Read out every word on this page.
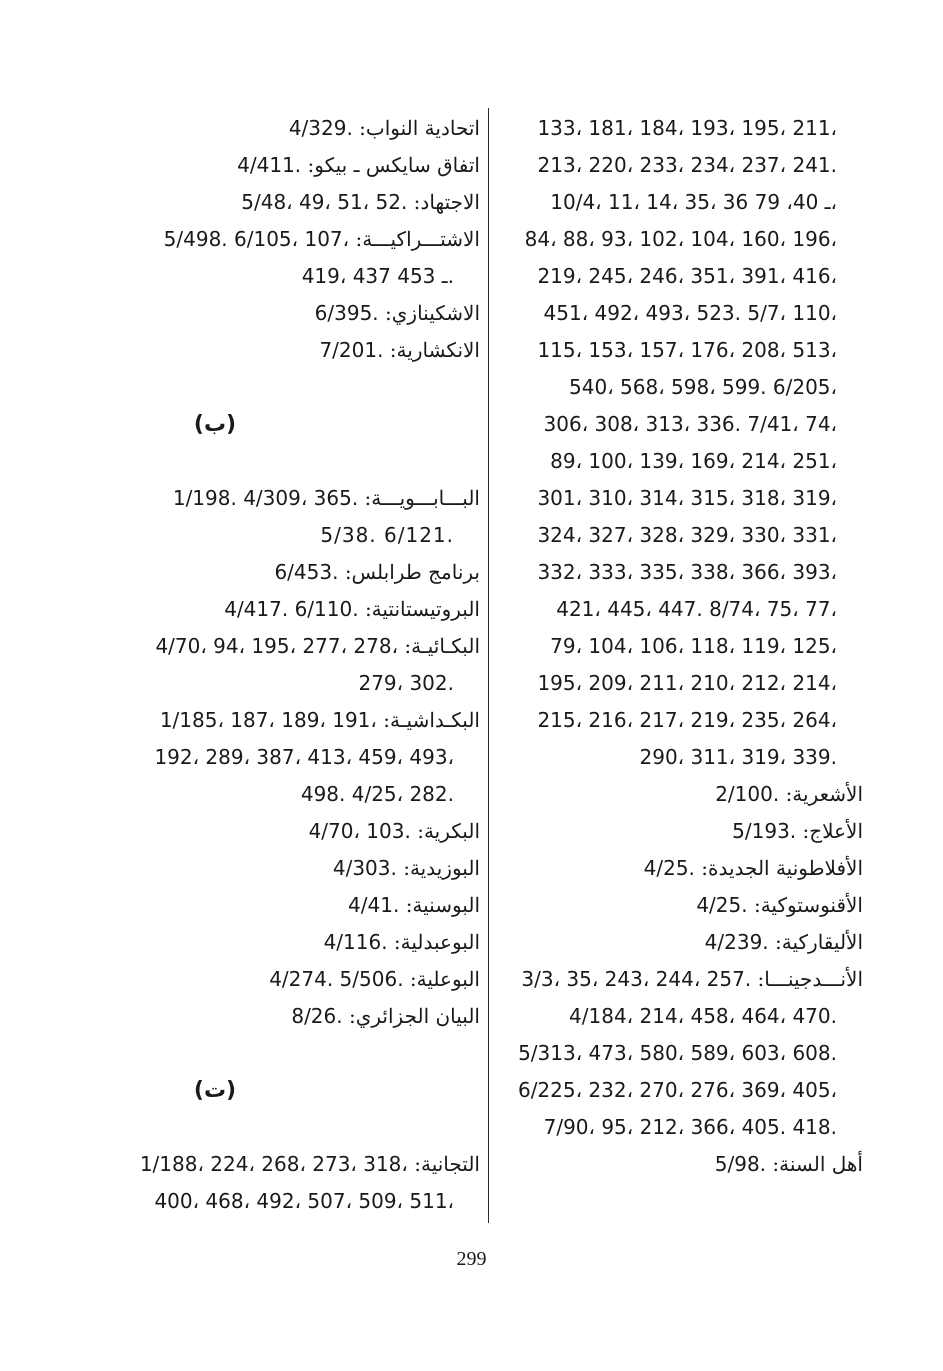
133، 181، 184، 193، 195، 211،
213، 220، 233، 234، 237، 241.
10/4، 11، 14، 35، 36 ـ 40، 79،
84، 88، 93، 102، 104، 160، 196،
219، 245، 246، 351، 391، 416،
451، 492، 493، 523. 5/7، 110،
115، 153، 157، 176، 208، 513،
540، 568، 598، 599. 6/205،
306، 308، 313، 336. 7/41، 74،
89، 100، 139، 169، 214، 251،
301، 310، 314، 315، 318، 319،
324، 327، 328، 329، 330، 331،
332، 333، 335، 338، 366، 393،
421، 445، 447. 8/74، 75، 77،
79، 104، 106، 118، 119، 125،
195، 209، 211، 210، 212، 214،
215، 216، 217، 219، 235، 264،
290، 311، 319، 339.
الأشعرية: 2/100.
الأعلاج: 5/193.
الأفلاطونية الجديدة: 4/25.
الأقنوستوكية: 4/25.
الأليقاركية: 4/239.
الأنـــدجينـــا: 3/3، 35، 243، 244، 257.
4/184، 214، 458، 464، 470.
5/313، 473، 580، 589، 603، 608.
6/225، 232، 270، 276، 369، 405،
7/90، 95، 212، 366، 405. 418.
أهل السنة: 5/98.
اتحادية النواب: 4/329.
اتفاق سايكس ـ بيكو: 4/411.
الاجتهاد: 5/48، 49، 51، 52.
الاشتـــراكيـــة: 5/498. 6/105، 107،
419، 437 ـ 453.
الاشكينازي: 6/395.
الانكشارية: 7/201.
(ب)
البـــابـــويـــة: 1/198. 4/309، 365.
5/38. 6/121.
برنامج طرابلس: 6/453.
البروتيستانتية: 4/417. 6/110.
البكـائيـة: 4/70، 94، 195، 277، 278،
279، 302.
البكـداشيـة: 1/185، 187، 189، 191،
192، 289، 387، 413، 459، 493،
498. 4/25، 282.
البكرية: 4/70، 103.
البوزيدية: 4/303.
البوسنية: 4/41.
البوعبدلية: 4/116.
البوعلية: 4/274. 5/506.
البيان الجزائري: 8/26.
(ت)
التجانية: 1/188، 224، 268، 273، 318،
400، 468، 492، 507، 509، 511،
299
